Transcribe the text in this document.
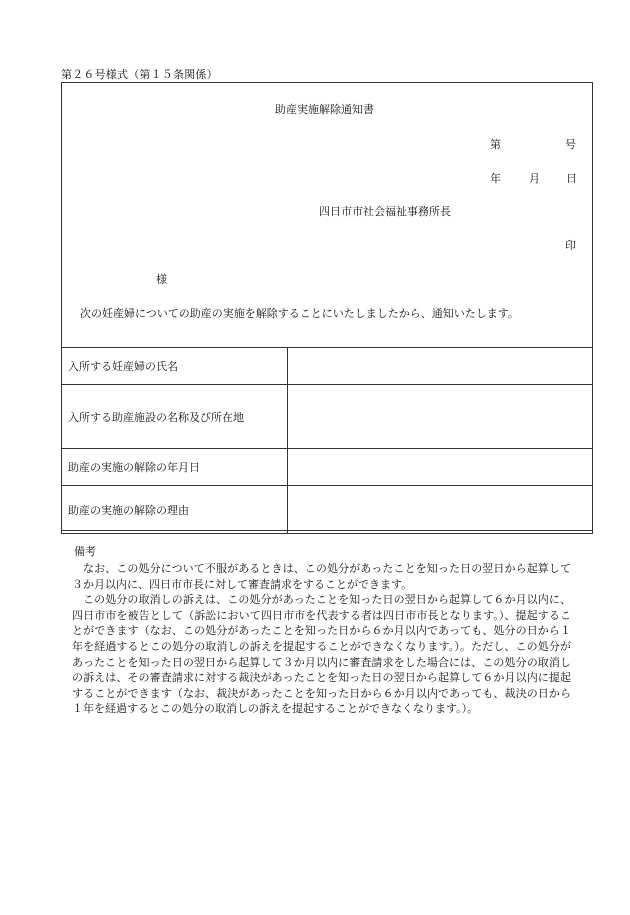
第２６号様式（第１５条関係）
助産実施解除通知書
第	号
年	月 日
四日市市社会福祉事務所長
印
様
次の妊産婦についての助産の実施を解除することにいたしましたから、通知いたします。
入所する妊産婦の氏名	
入所する助産施設の名称及び所在地	
助産の実施の解除の年月日	
助産の実施の解除の理由	
備考

なお、この処分について不服があるときは、この処分があったことを知った日の翌日から起算して３か月以内に、四日市市長に対して審査請求をすることができます。

この処分の取消しの訴えは、この処分があったことを知った日の翌日から起算して６か月以内に、四日市市を被告として（訴訟において四日市市を代表する者は四日市市長となります。）、提起することができます（なお、この処分があったことを知った日から６か月以内であっても、処分の日から１年を経過するとこの処分の取消しの訴えを提起することができなくなります。）。ただし、この処分があったことを知った日の翌日から起算して３か月以内に審査請求をした場合には、この処分の取消しの訴えは、その審査請求に対する裁決があったことを知った日の翌日から起算して６か月以内に提起することができます（なお、裁決があったことを知った日から６か月以内であっても、裁決の日から１年を経過するとこの処分の取消しの訴えを提起することができなくなります。）。
